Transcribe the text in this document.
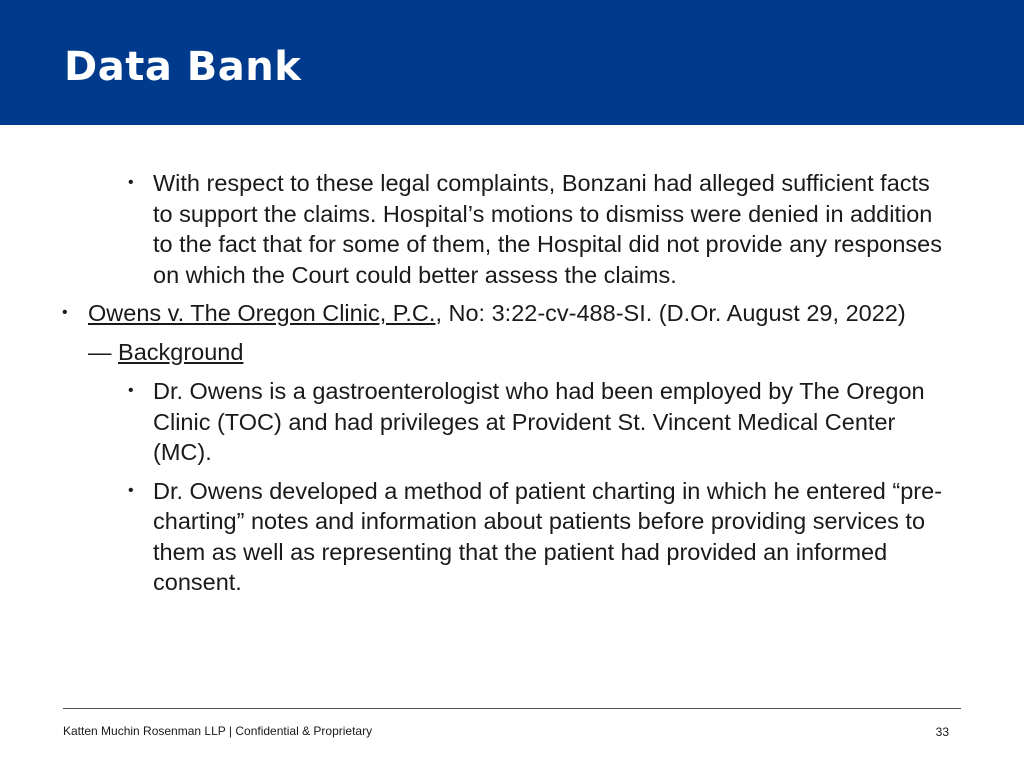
Data Bank

• With respect to these legal complaints, Bonzani had alleged sufficient facts to support the claims. Hospital’s motions to dismiss were denied in addition to the fact that for some of them, the Hospital did not provide any responses on which the Court could better assess the claims.

• Owens v. The Oregon Clinic, P.C., No: 3:22-cv-488-SI. (D.Or. August 29, 2022)

— Background

• Dr. Owens is a gastroenterologist who had been employed by The Oregon Clinic (TOC) and had privileges at Provident St. Vincent Medical Center (MC).

• Dr. Owens developed a method of patient charting in which he entered “pre-charting” notes and information about patients before providing services to them as well as representing that the patient had provided an informed consent.

Katten Muchin Rosenman LLP | Confidential & Proprietary	33
